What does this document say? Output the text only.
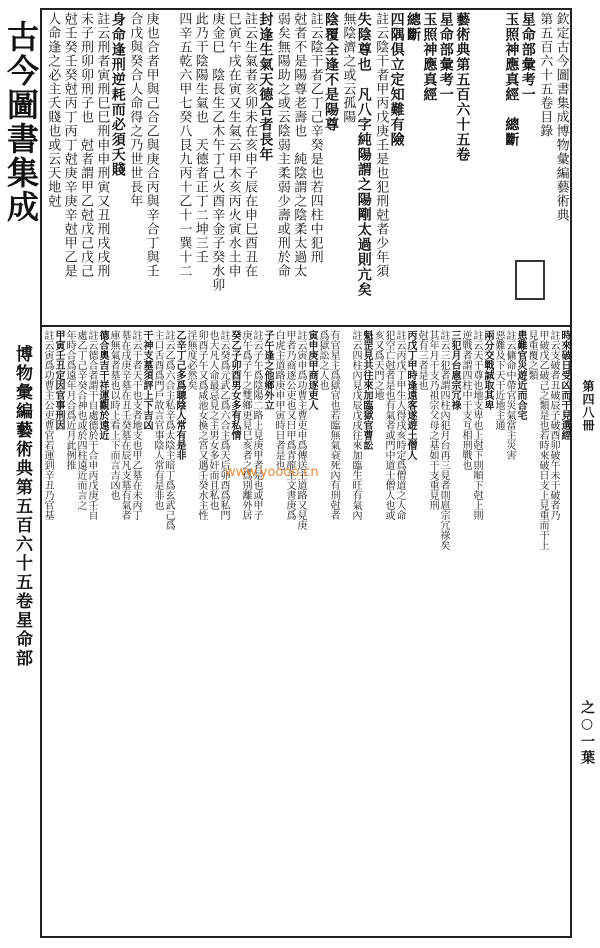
古今圖書集成
博物彙編藝術典第五百六十五卷星命部
欽定古今圖書集成博物彙編藝術典
第五百六十五卷目錄
星命部彙考一
玉照神應真經　總斷
藝術典第五百六十五卷
星命部彙考一
玉照神應真經
總斷
四隅俱立定知難有險
註云陰干者甲丙戊庚壬是也犯刑尅者少年須
失陰尊也　凡八字純陽謂之陽剛太過則亢矣
無陰濟之或云孤陽
陰覆全逢不是陽尊
註云陰干者乙丁己辛癸是也若四柱中犯刑
尅者不是陽尊老壽也　純陰謂之陰柔太過太
弱矣無陽助之或云陰弱主柔弱少壽或刑於命
封逢生氣天德合者長年
註云生氣者亥卯未在亥申子辰在申巳酉丑在
巳寅午戌在寅又生氣云甲木亥丙火寅水土申
庚金巳　陰長生乙木午丁己火酉辛金子癸水卯
此乃干陰陽生氣也　天德者正丁二坤三壬
四辛五乾六甲七癸八艮九丙十乙十一巽十二
庚也合者甲與己合乙與庚合丙與辛合丁與壬
合戊與癸合人命得之乃世世長年
身命逢刑逆耗而必須夭賤
註云刑者寅刑巳巳刑申申刑寅又丑刑戌戌刑
未子刑卯卯刑子也　尅者謂甲乙尅戊己戊己
尅壬癸壬癸尅丙丁丙丁尅庚辛庚辛尅甲乙是
人命逢之必主夭賤也或云天地尅
時來破日受凶而干見選經
註云支破者丑破辰子破酉卯破午未干破者乃
甲破戊乙破己之類是也若時來破日支上見重而干上
見重覆之類
患難官災遊近而合宅
註云傭命中帶官災氣當主災害
惡難及下天干近地主通
兩分交戰誠取其卑
註云天干尊也地支卑也上尅下則順下尅上則
逆戰者謂四柱中干支互相刑戰也
三犯月台扈宗冗祿
註云三犯者謂四柱內犯月台再三見者則扈宗冗祿矣
其年月干支乃祖宗父母之基如干支重見刑
尅有三者是也
丙戊丁甲時逢遠客遂遊土僧人
註云丙戊丁甲生人得戌亥時定爲僧道之人命
犯空亡尅者是也有氣者或門中道士僧人也或
亥又爲天門之地
魁罡見共往來加臨獄官曹訟
註云四柱內見戊辰戊戌往來加臨生旺有氣內
有官星主爲獄官也若臨無氣衰死內有刑尅者
爲獄訟之人也
寅申庚甲商逐吏人
註云寅申爲功曹主曹吏申爲傳送主道路又見庚
甲者乃商逐公吏也又曰甲爲青龍主文書庚爲
白虎主道路庚申甲寅時日者是也
子午逢之他鄉外立
註云子午爲陰陽二路上見庚甲者是也或甲子
庚午爲子午之雙鄉更見巳亥者之爲別離外居
癸乙子卯酉男女多有私情
註云癸爲元武乙爲六合主爲天后卯酉爲私門
也大凡人命最忌見之主男女多奸而且私也
卯酉子午又爲咸池女換之宮又遇壬癸水主性
淫無度必然矣
乙辛丁己多爲聰陰人常有是非
註云乙爲六合主私辛爲太陰主暗丁爲玄武己爲
主口舌酉爲門戶故言官事陰人常有是非也
干神支墓須評上下吉凶
註云干者天干也支者地支也甲乙墓在未丙丁
墓在戌庚辛墓在丑壬癸墓在辰凡支墓有氣者
庫無氣者墓也以時上看上下而言吉凶也
德合奧吉干祥運觀於遠近
註云德合者謂干自處德於干合申丙戊庚壬自
處乙丁己辛癸合神也或於四柱遠近而言之
年時合爲遠年月合爲近月此例推
甲寅壬丑定因官事刑因
註云寅爲功曹主公吏曹官若運到辛丑乃官基	www.yoooo.cn
第四八冊
之○一葉
